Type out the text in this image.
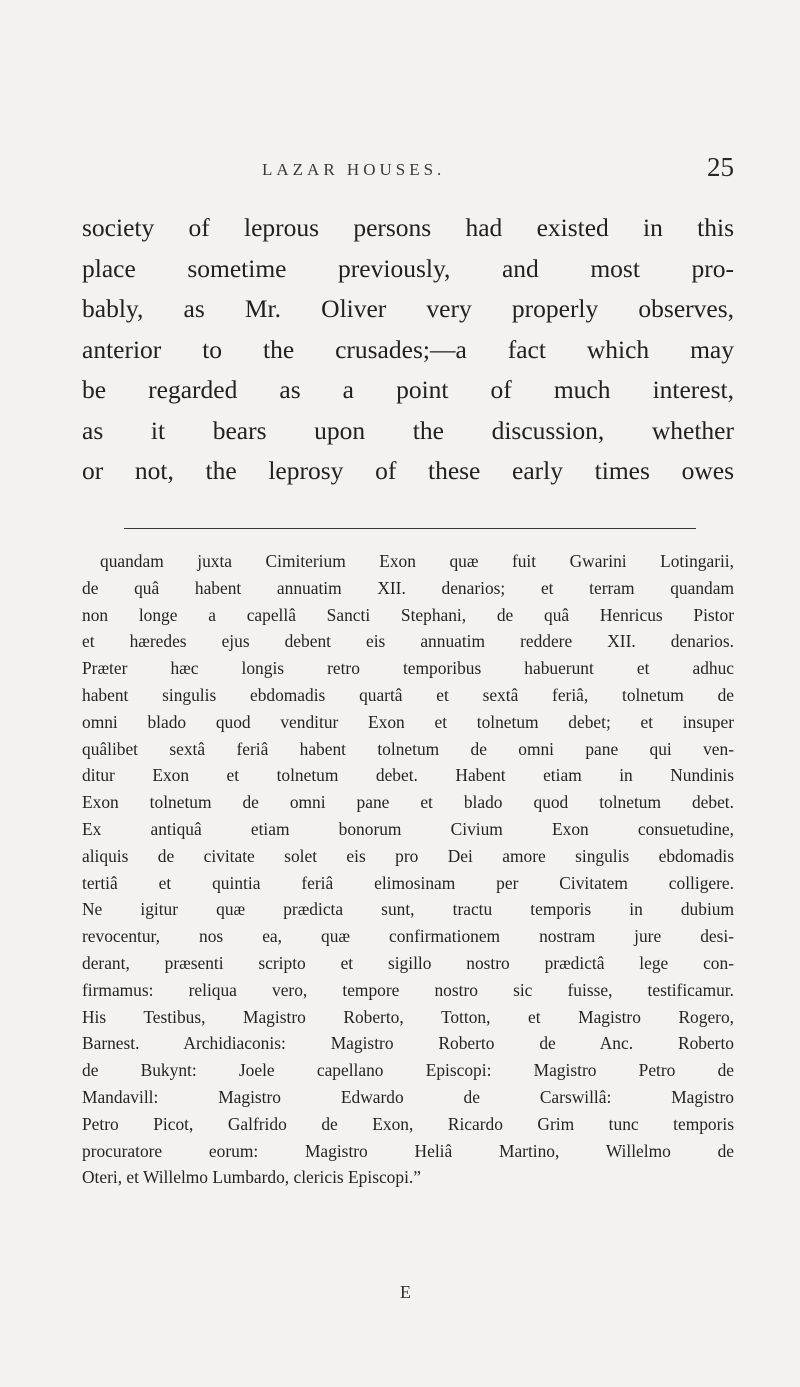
LAZAR HOUSES.	25
society of leprous persons had existed in this
place sometime previously, and most pro-
bably, as Mr. Oliver very properly observes,
anterior to the crusades;—a fact which may
be regarded as a point of much interest,
as it bears upon the discussion, whether
or not, the leprosy of these early times owes
quandam juxta Cimiterium Exon quæ fuit Gwarini Lotingarii,
de quâ habent annuatim XII. denarios; et terram quandam
non longe a capellâ Sancti Stephani, de quâ Henricus Pistor
et hæredes ejus debent eis annuatim reddere XII. denarios.
Præter hæc longis retro temporibus habuerunt et adhuc
habent singulis ebdomadis quartâ et sextâ feriâ, tolnetum de
omni blado quod venditur Exon et tolnetum debet; et insuper
quâlibet sextâ feriâ habent tolnetum de omni pane qui ven-
ditur Exon et tolnetum debet. Habent etiam in Nundinis
Exon tolnetum de omni pane et blado quod tolnetum debet.
Ex antiquâ etiam bonorum Civium Exon consuetudine,
aliquis de civitate solet eis pro Dei amore singulis ebdomadis
tertiâ et quintia feriâ elimosinam per Civitatem colligere.
Ne igitur quæ prædicta sunt, tractu temporis in dubium
revocentur, nos ea, quæ confirmationem nostram jure desi-
derant, præsenti scripto et sigillo nostro prædictâ lege con-
firmamus: reliqua vero, tempore nostro sic fuisse, testificamur.
His Testibus, Magistro Roberto, Totton, et Magistro Rogero,
Barnest. Archidiaconis: Magistro Roberto de Anc. Roberto
de Bukynt: Joele capellano Episcopi: Magistro Petro de
Mandavill: Magistro Edwardo de Carswillâ: Magistro
Petro Picot, Galfrido de Exon, Ricardo Grim tunc temporis
procuratore eorum: Magistro Heliâ Martino, Willelmo de
Oteri, et Willelmo Lumbardo, clericis Episcopi.”
E
